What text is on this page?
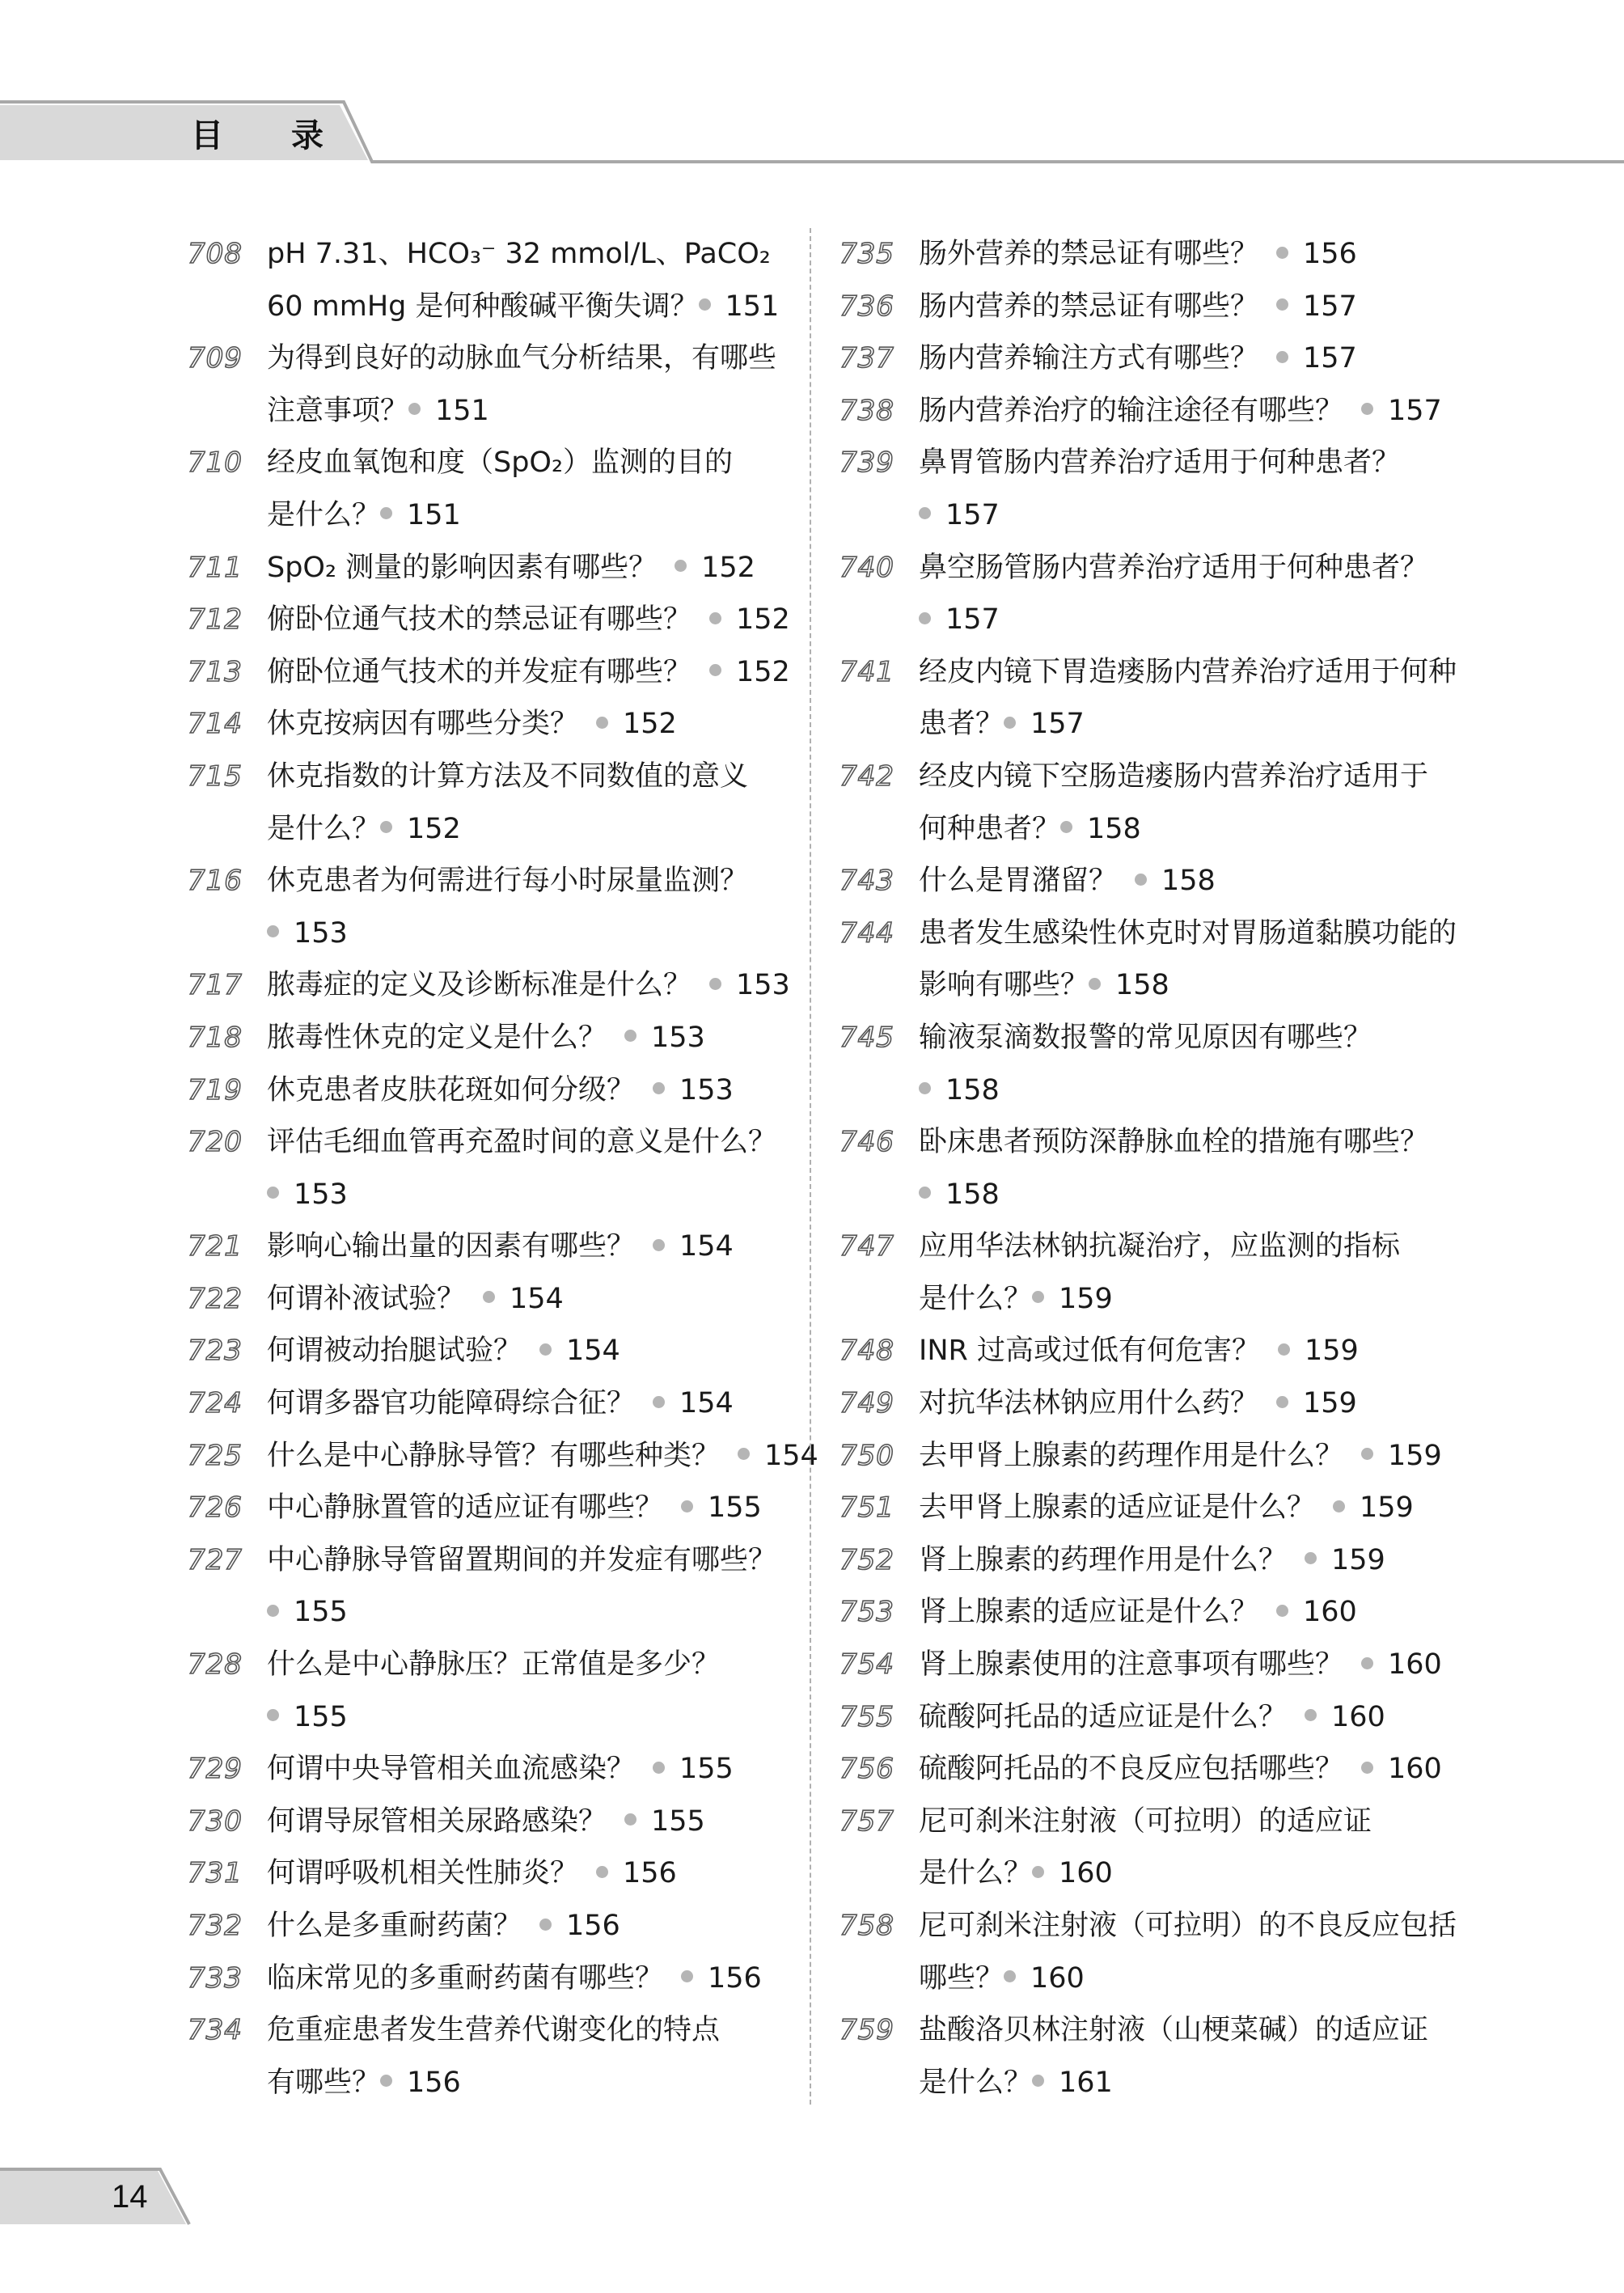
目录
708 pH 7.31、HCO₃⁻ 32 mmol/L、PaCO₂
60 mmHg 是何种酸碱平衡失调？ 151
709 为得到良好的动脉血气分析结果，有哪些
注意事项？ 151
710 经皮血氧饱和度（SpO₂）监测的目的
是什么？ 151
711 SpO₂ 测量的影响因素有哪些？ 152
712 俯卧位通气技术的禁忌证有哪些？ 152
713 俯卧位通气技术的并发症有哪些？ 152
714 休克按病因有哪些分类？ 152
715 休克指数的计算方法及不同数值的意义
是什么？ 152
716 休克患者为何需进行每小时尿量监测？
153
717 脓毒症的定义及诊断标准是什么？ 153
718 脓毒性休克的定义是什么？ 153
719 休克患者皮肤花斑如何分级？ 153
720 评估毛细血管再充盈时间的意义是什么？
153
721 影响心输出量的因素有哪些？ 154
722 何谓补液试验？ 154
723 何谓被动抬腿试验？ 154
724 何谓多器官功能障碍综合征？ 154
725 什么是中心静脉导管？有哪些种类？ 154
726 中心静脉置管的适应证有哪些？ 155
727 中心静脉导管留置期间的并发症有哪些？
155
728 什么是中心静脉压？正常值是多少？
155
729 何谓中央导管相关血流感染？ 155
730 何谓导尿管相关尿路感染？ 155
731 何谓呼吸机相关性肺炎？ 156
732 什么是多重耐药菌？ 156
733 临床常见的多重耐药菌有哪些？ 156
734 危重症患者发生营养代谢变化的特点
有哪些？ 156
735 肠外营养的禁忌证有哪些？ 156
736 肠内营养的禁忌证有哪些？ 157
737 肠内营养输注方式有哪些？ 157
738 肠内营养治疗的输注途径有哪些？ 157
739 鼻胃管肠内营养治疗适用于何种患者？
157
740 鼻空肠管肠内营养治疗适用于何种患者？
157
741 经皮内镜下胃造瘘肠内营养治疗适用于何种
患者？ 157
742 经皮内镜下空肠造瘘肠内营养治疗适用于
何种患者？ 158
743 什么是胃潴留？ 158
744 患者发生感染性休克时对胃肠道黏膜功能的
影响有哪些？ 158
745 输液泵滴数报警的常见原因有哪些？
158
746 卧床患者预防深静脉血栓的措施有哪些？
158
747 应用华法林钠抗凝治疗，应监测的指标
是什么？ 159
748 INR 过高或过低有何危害？ 159
749 对抗华法林钠应用什么药？ 159
750 去甲肾上腺素的药理作用是什么？ 159
751 去甲肾上腺素的适应证是什么？ 159
752 肾上腺素的药理作用是什么？ 159
753 肾上腺素的适应证是什么？ 160
754 肾上腺素使用的注意事项有哪些？ 160
755 硫酸阿托品的适应证是什么？ 160
756 硫酸阿托品的不良反应包括哪些？ 160
757 尼可刹米注射液（可拉明）的适应证
是什么？ 160
758 尼可刹米注射液（可拉明）的不良反应包括
哪些？ 160
759 盐酸洛贝林注射液（山梗菜碱）的适应证
是什么？ 161
14
